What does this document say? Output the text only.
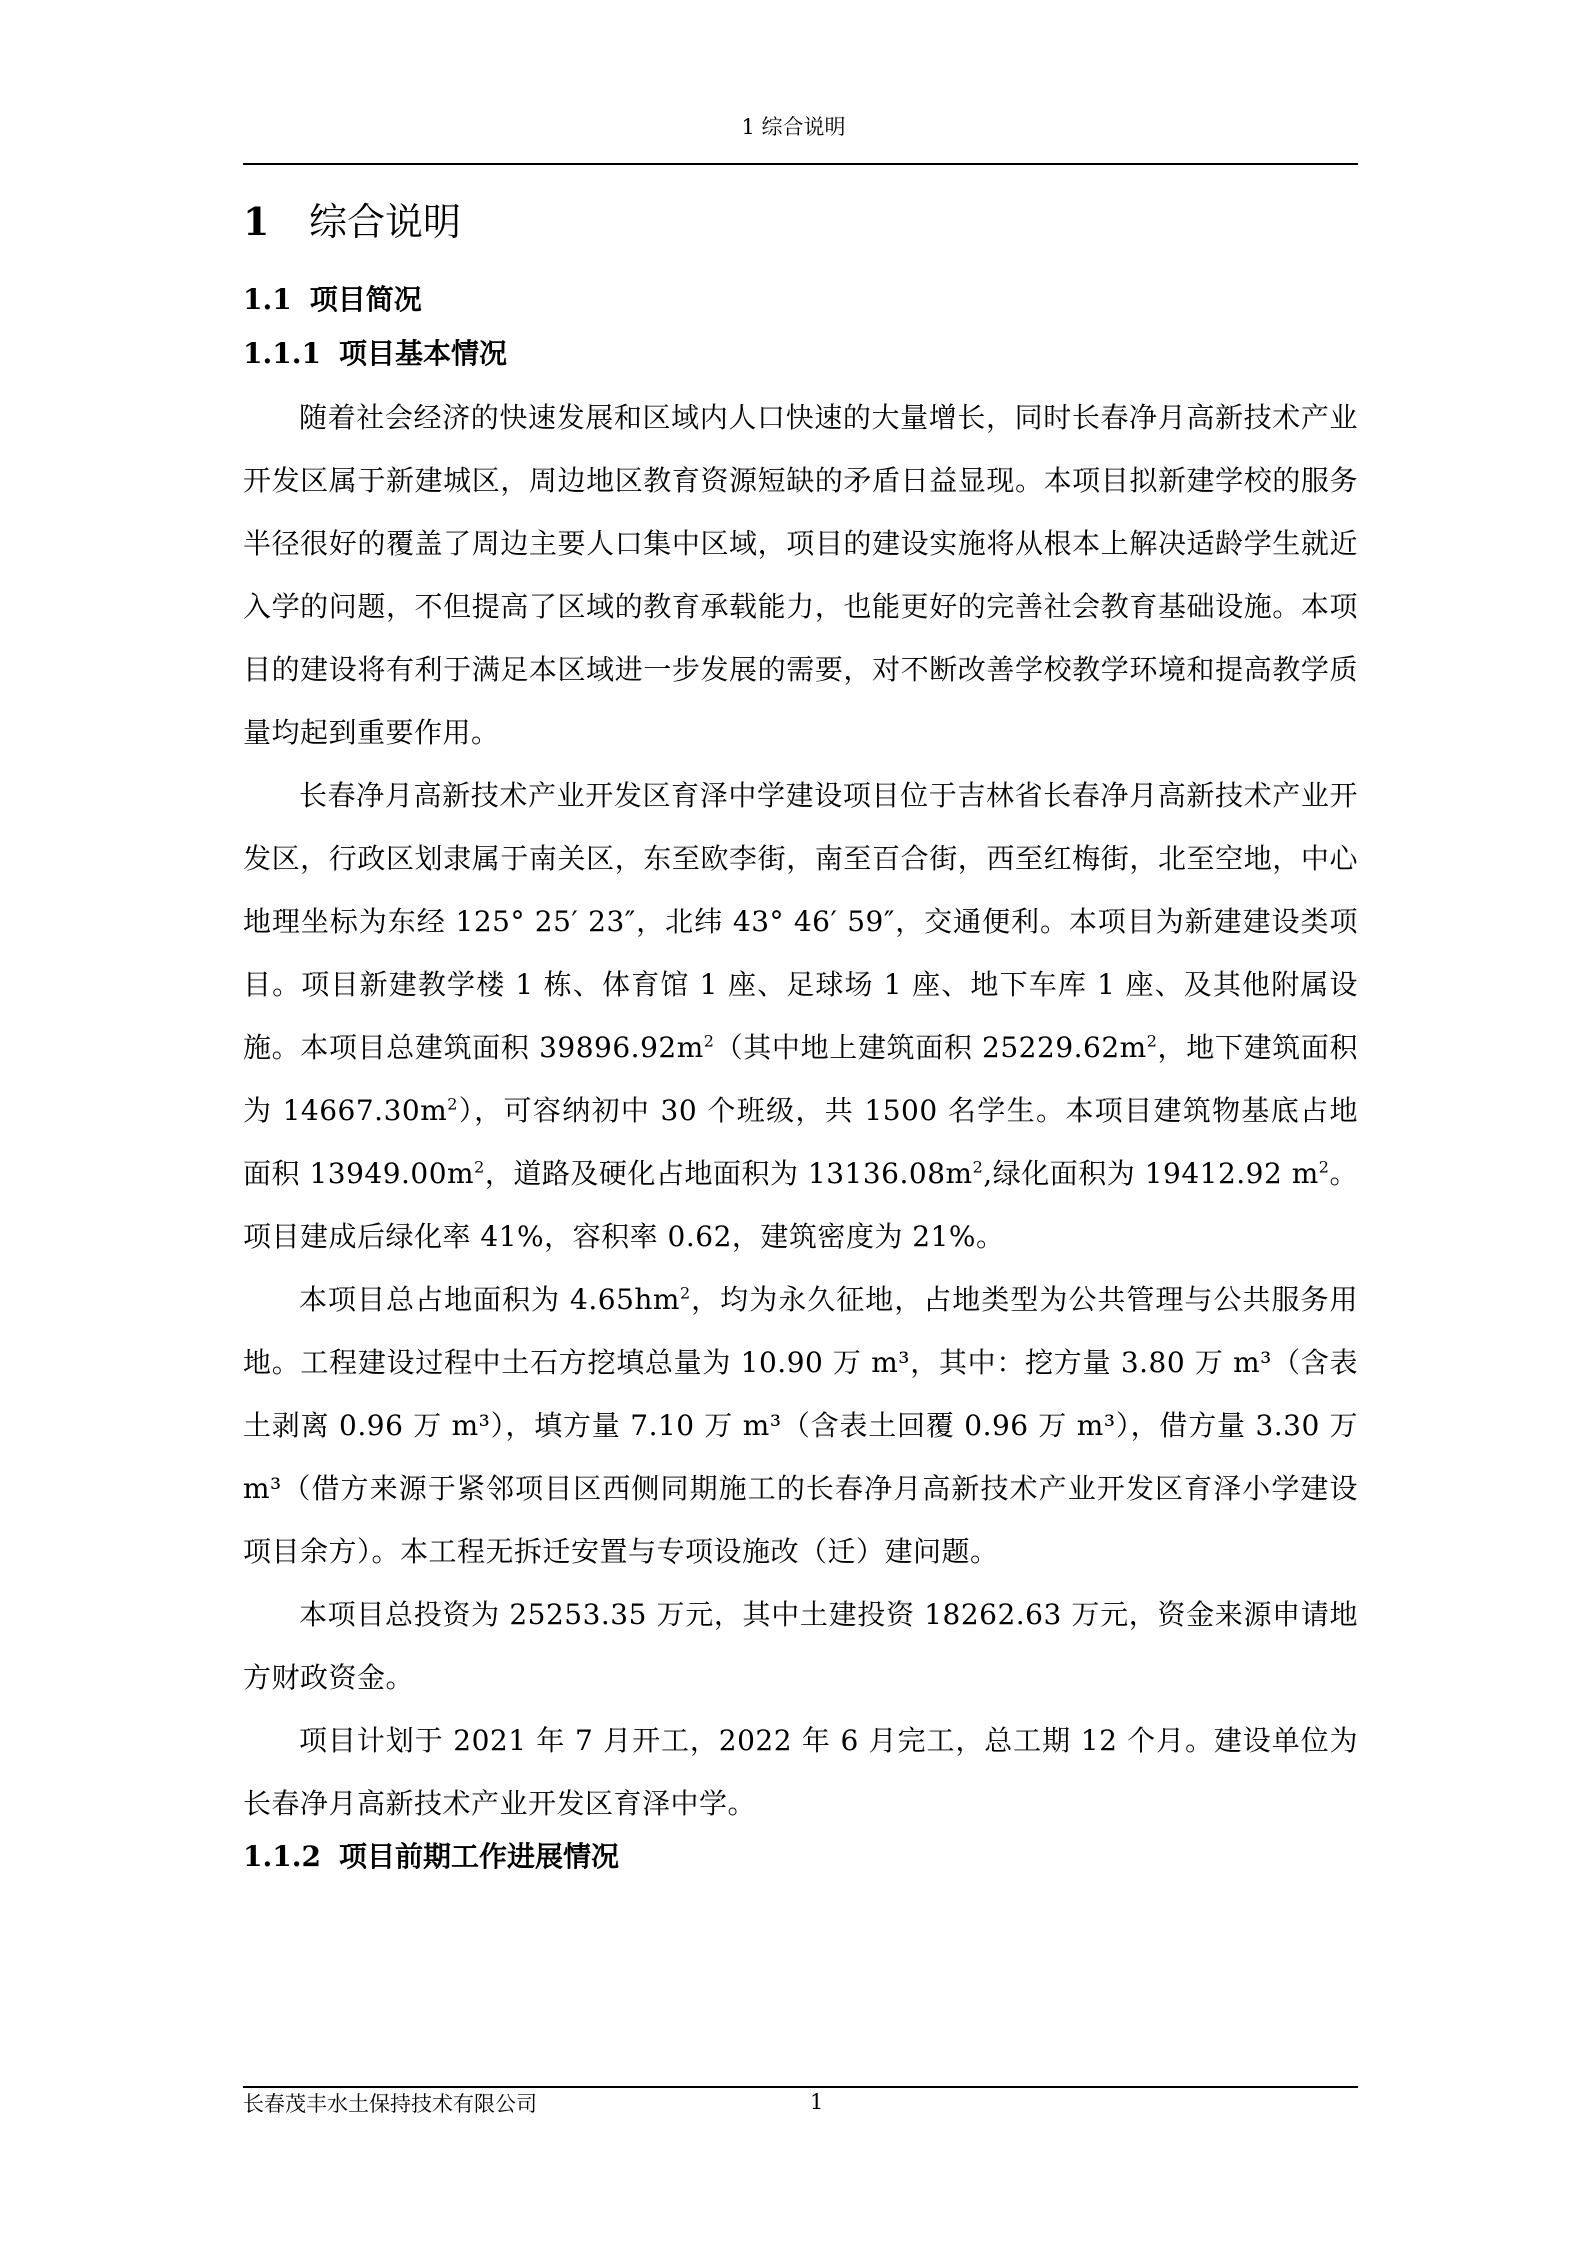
1 综合说明
1 综合说明
1.1 项目简况
1.1.1 项目基本情况

随着社会经济的快速发展和区域内人口快速的大量增长，同时长春净月高新技术产业开发区属于新建城区，周边地区教育资源短缺的矛盾日益显现。本项目拟新建学校的服务半径很好的覆盖了周边主要人口集中区域，项目的建设实施将从根本上解决适龄学生就近入学的问题，不但提高了区域的教育承载能力，也能更好的完善社会教育基础设施。本项目的建设将有利于满足本区域进一步发展的需要，对不断改善学校教学环境和提高教学质量均起到重要作用。

长春净月高新技术产业开发区育泽中学建设项目位于吉林省长春净月高新技术产业开发区，行政区划隶属于南关区，东至欧李街，南至百合街，西至红梅街，北至空地，中心地理坐标为东经 125° 25′ 23″，北纬 43° 46′ 59″，交通便利。本项目为新建建设类项目。项目新建教学楼 1 栋、体育馆 1 座、足球场 1 座、地下车库 1 座、及其他附属设施。本项目总建筑面积 $39896.92m^2$（其中地上建筑面积 $25229.62m^2$，地下建筑面积为 $14667.30m^2$），可容纳初中 30 个班级，共 1500 名学生。本项目建筑物基底占地面积 $13949.00m^2$，道路及硬化占地面积为 $13136.08m^2$,绿化面积为 19412.92 $m^2$。项目建成后绿化率 41%，容积率 0.62，建筑密度为 21%。

本项目总占地面积为 $4.65hm^2$，均为永久征地，占地类型为公共管理与公共服务用地。工程建设过程中土石方挖填总量为 10.90 万 m³，其中：挖方量 3.80 万 m³（含表土剥离 0.96 万 m³），填方量 7.10 万 m³（含表土回覆 0.96 万 m³），借方量 3.30 万 m³（借方来源于紧邻项目区西侧同期施工的长春净月高新技术产业开发区育泽小学建设项目余方）。本工程无拆迁安置与专项设施改（迁）建问题。

本项目总投资为 25253.35 万元，其中土建投资 18262.63 万元，资金来源申请地方财政资金。

项目计划于 2021 年 7 月开工，2022 年 6 月完工，总工期 12 个月。建设单位为长春净月高新技术产业开发区育泽中学。

1.1.2 项目前期工作进展情况
长春茂丰水土保持技术有限公司	1
